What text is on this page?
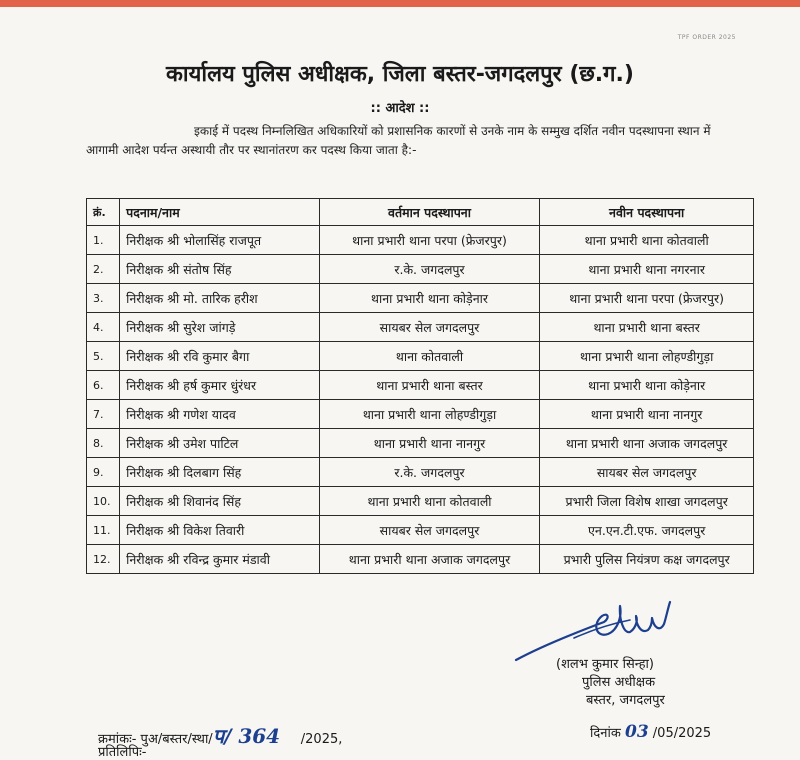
TPF ORDER 2025
कार्यालय पुलिस अधीक्षक, जिला बस्तर-जगदलपुर (छ.ग.)
:: आदेश ::
इकाई में पदस्थ निम्नलिखित अधिकारियों को प्रशासनिक कारणों से उनके नाम के सम्मुख दर्शित नवीन पदस्थापना स्थान में आगामी आदेश पर्यन्त अस्थायी तौर पर स्थानांतरण कर पदस्थ किया जाता है:-
क्रं.	पदनाम/नाम	वर्तमान पदस्थापना	नवीन पदस्थापना
1.	निरीक्षक श्री भोलासिंह राजपूत	थाना प्रभारी थाना परपा (फ्रेजरपुर)	थाना प्रभारी थाना कोतवाली
2.	निरीक्षक श्री संतोष सिंह	र.के. जगदलपुर	थाना प्रभारी थाना नगरनार
3.	निरीक्षक श्री मो. तारिक हरीश	थाना प्रभारी थाना कोड़ेनार	थाना प्रभारी थाना परपा (फ्रेजरपुर)
4.	निरीक्षक श्री सुरेश जांगड़े	सायबर सेल जगदलपुर	थाना प्रभारी थाना बस्तर
5.	निरीक्षक श्री रवि कुमार बैगा	थाना कोतवाली	थाना प्रभारी थाना लोहण्डीगुड़ा
6.	निरीक्षक श्री हर्ष कुमार धुंरंधर	थाना प्रभारी थाना बस्तर	थाना प्रभारी थाना कोड़ेनार
7.	निरीक्षक श्री गणेश यादव	थाना प्रभारी थाना लोहण्डीगुड़ा	थाना प्रभारी थाना नानगुर
8.	निरीक्षक श्री उमेश पाटिल	थाना प्रभारी थाना नानगुर	थाना प्रभारी थाना अजाक जगदलपुर
9.	निरीक्षक श्री दिलबाग सिंह	र.के. जगदलपुर	सायबर सेल जगदलपुर
10.	निरीक्षक श्री शिवानंद सिंह	थाना प्रभारी थाना कोतवाली	प्रभारी जिला विशेष शाखा जगदलपुर
11.	निरीक्षक श्री विकेश तिवारी	सायबर सेल जगदलपुर	एन.एन.टी.एफ. जगदलपुर
12.	निरीक्षक श्री रविन्द्र कुमार मंडावी	थाना प्रभारी थाना अजाक जगदलपुर	प्रभारी पुलिस नियंत्रण कक्ष जगदलपुर
(शलभ कुमार सिन्हा)
पुलिस अधीक्षक
बस्तर, जगदलपुर
क्रमांकः- पुअ/बस्तर/स्था/प/ 364 /2025,
प्रतिलिपिः-
दिनांक 03 /05/2025
